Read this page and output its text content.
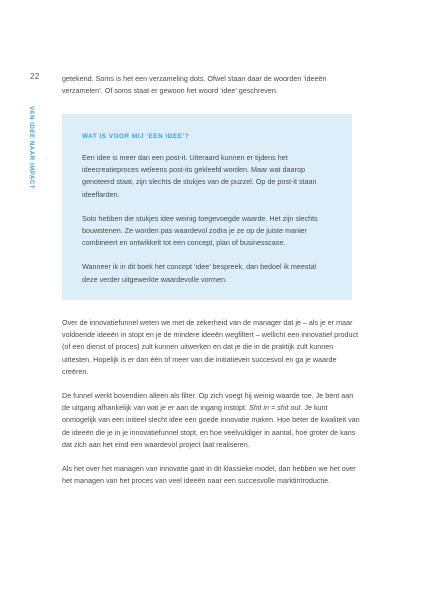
22
VAN IDEE NAAR IMPACT

getekend. Soms is het een verzameling dots. Ofwel staan daar de woorden ‘ideeën verzamelen’. Of soms staat er gewoon het woord ‘idee’ geschreven.

WAT IS VOOR MIJ ‘EEN IDEE’?

Een idee is meer dan een post-it. Uiteraard kunnen er tijdens het ideecreatieproces weleens post-its gekleefd worden. Maar wat daarop genoteerd staat, zijn slechts de stukjes van de puzzel. Op de post-it staan ideeflarden.

Solo hebben die stukjes idee weinig toegevoegde waarde. Het zijn slechts bouwstenen. Ze worden pas waardevol zodra je ze op de juiste manier combineert en ontwikkelt tot een concept, plan of businesscase.

Wanneer ik in dit boek het concept ‘idee’ bespreek, dan bedoel ik meestal deze verder uitgewerkte waardevolle vormen.

Over de innovatiefunnel weten we met de zekerheid van de manager dat je – als je er maar voldoende ideeën in stopt en je de mindere ideeën wegfiltert – wellicht een innovatief product (of een dienst of proces) zult kunnen uitwerken en dat je die in de praktijk zult kunnen uittesten. Hopelijk is er dan één of meer van die initiatieven succesvol en ga je waarde creëren.

De funnel werkt bovendien alleen als filter. Op zich voegt hij weinig waarde toe. Je bent aan de uitgang afhankelijk van wat je er aan de ingang instopt. Shit in = shit out. Je kunt onmogelijk van een initieel slecht idee een goede innovatie maken. Hoe beter de kwaliteit van de ideeën die je in je innovatiefunnel stopt, en hoe veelvuldiger in aantal, hoe groter de kans dat zich aan het eind een waardevol project laat realiseren.

Als het over het managen van innovatie gaat in dit klassieke model, dan hebben we het over het managen van het proces van veel ideeën naar een succesvolle marktintroductie.
